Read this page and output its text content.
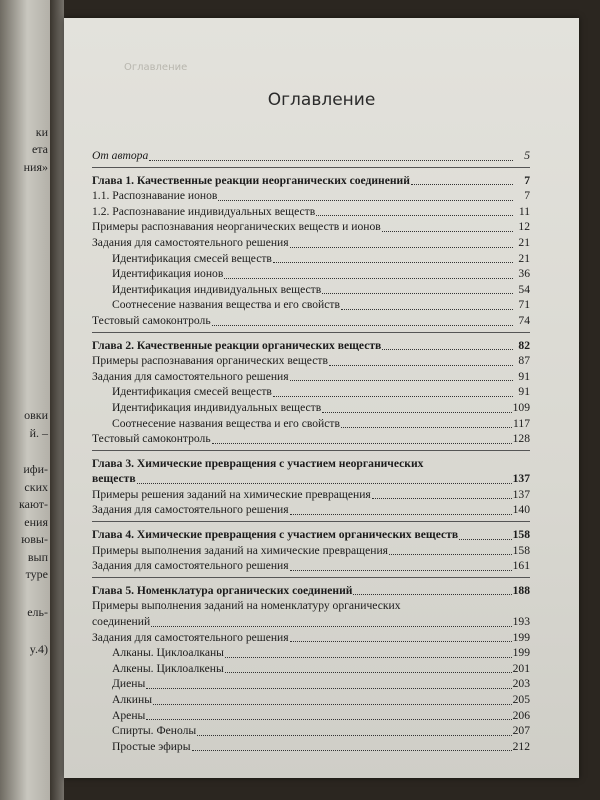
ки
ета
ния»
овки
й. –
ифи-
ских
кают-
ения
ювы-
вып
туре
ель-
y.4)
Оглавление
Оглавление
От автора	5
Глава 1. Качественные реакции неорганических соединений	7
1.1. Распознавание ионов	7
1.2. Распознавание индивидуальных веществ	11
Примеры распознавания неорганических веществ и ионов	12
Задания для самостоятельного решения	21
Идентификация смесей веществ	21
Идентификация ионов	36
Идентификация индивидуальных веществ	54
Соотнесение названия вещества и его свойств	71
Тестовый самоконтроль	74
Глава 2. Качественные реакции органических веществ	82
Примеры распознавания органических веществ	87
Задания для самостоятельного решения	91
Идентификация смесей веществ	91
Идентификация индивидуальных веществ	109
Соотнесение названия вещества и его свойств	117
Тестовый самоконтроль	128
Глава 3. Химические превращения с участием неорганических
веществ	137
Примеры решения заданий на химические превращения	137
Задания для самостоятельного решения	140
Глава 4. Химические превращения с участием органических веществ	158
Примеры выполнения заданий на химические превращения	158
Задания для самостоятельного решения	161
Глава 5. Номенклатура органических соединений	188
Примеры выполнения заданий на номенклатуру органических
соединений	193
Задания для самостоятельного решения	199
Алканы. Циклоалканы	199
Алкены. Циклоалкены	201
Диены	203
Алкины	205
Арены	206
Спирты. Фенолы	207
Простые эфиры	212
